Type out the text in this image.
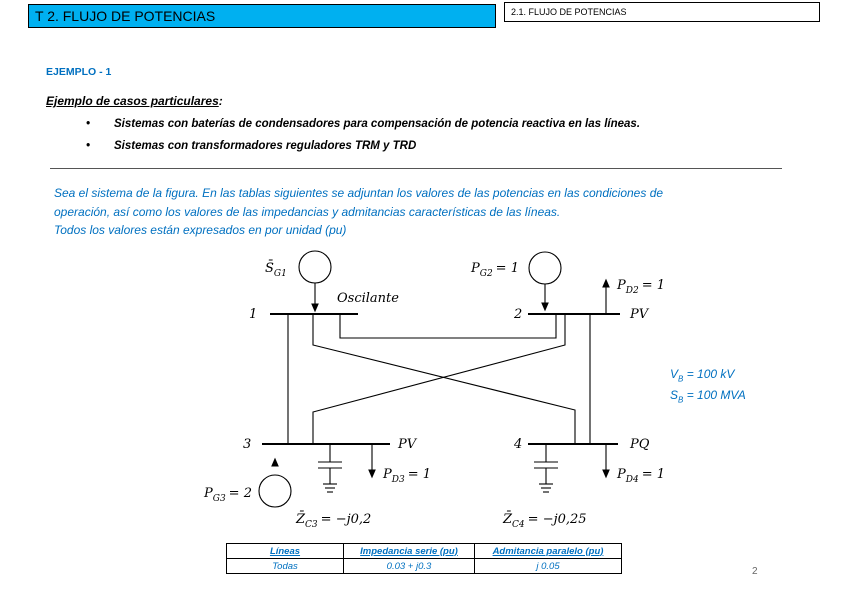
T 2. FLUJO DE POTENCIAS	2.1. FLUJO DE POTENCIAS
EJEMPLO - 1
Ejemplo de casos particulares:
• Sistemas con baterías de condensadores para compensación de potencia reactiva en las líneas.
• Sistemas con transformadores reguladores TRM y TRD
Sea el sistema de la figura. En las tablas siguientes se adjuntan los valores de las potencias en las condiciones de
operación, así como los valores de las impedancias y admitancias características de las líneas.
Todos los valores están expresados en por unidad (pu)
$S̄_{G1}$
Oscilante
$P_{G2} = 1$
$P_{D2} = 1$
1	2	PV
3	PV	4	PQ
$P_{D3} = 1$	$P_{D4} = 1$
$P_{G3} = 2$
$Z̄_{C3} = -j0,2$	$Z̄_{C4} = -j0,25$
$V_B = 100$ kV
$S_B = 100$ MVA
Líneas	Impedancia serie (pu)	Admitancia paralelo (pu)
Todas	0.03 + j0.3	j 0.05	2
